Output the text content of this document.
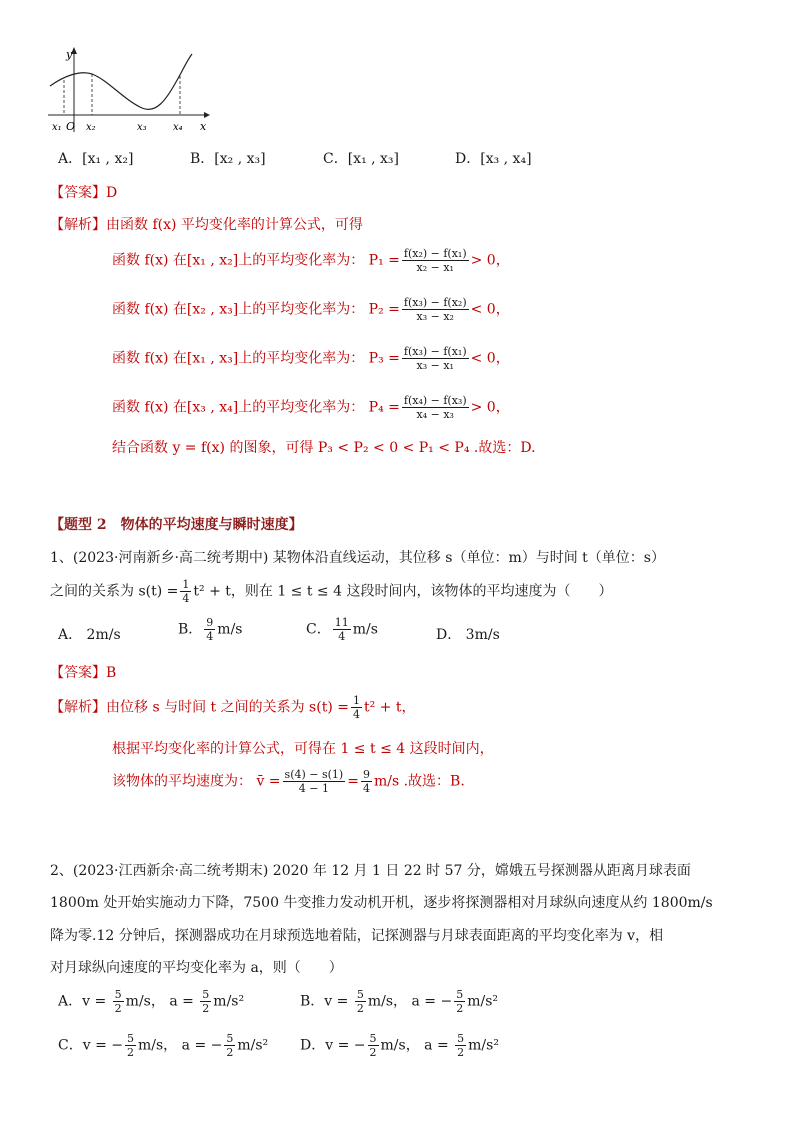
y
x
O
x₁ x₂	x₃	x₄
A．[x₁ , x₂]	B．[x₂ , x₃]	C．[x₁ , x₃]	D．[x₃ , x₄]
【答案】D
【解析】由函数 f(x) 平均变化率的计算公式，可得
函数 f(x) 在[x₁ , x₂]上的平均变化率为： $P_1 = \frac{\text{f(x₂) − f(x₁)}}{\text{x₂ − x₁}} > 0$，
函数 f(x) 在[x₂ , x₃]上的平均变化率为： $P_2 = \frac{\text{f(x₃) − f(x₂)}}{\text{x₃ − x₂}} < 0$，
函数 f(x) 在[x₁ , x₃]上的平均变化率为： $P_3 = \frac{\text{f(x₃) − f(x₁)}}{\text{x₃ − x₁}} < 0$，
函数 f(x) 在[x₃ , x₄]上的平均变化率为： $P_4 = \frac{\text{f(x₄) − f(x₃)}}{\text{x₄ − x₃}} > 0$，
结合函数 y = f(x) 的图象，可得 P₃ < P₂ < 0 < P₁ < P₄ .故选：D.
【题型 2　物体的平均速度与瞬时速度】
1、(2023·河南新乡·高二统考期中) 某物体沿直线运动，其位移 s（单位：m）与时间 t（单位：s）
之间的关系为 $s(t) = \frac{1}{4} t^2 + t$，则在 1 ≤ t ≤ 4 这段时间内，该物体的平均速度为（　　）
A． 2m/s	B． $\frac{9}{4} m/s$	C． $\frac{11}{4} m/s$	D． 3m/s
【答案】B
【解析】由位移 s 与时间 t 之间的关系为 $s(t) = \frac{1}{4} t^2 + t$，
根据平均变化率的计算公式，可得在 1 ≤ t ≤ 4 这段时间内，
该物体的平均速度为： v̄ = $\frac{s(4) - s(1)}{4 - 1} = \frac{9}{4} m/s$ .故选：B.
2、(2023·江西新余·高二统考期末) 2020 年 12 月 1 日 22 时 57 分，嫦娥五号探测器从距离月球表面
1800m 处开始实施动力下降，7500 牛变推力发动机开机，逐步将探测器相对月球纵向速度从约 1800m/s
降为零.12 分钟后，探测器成功在月球预选地着陆，记探测器与月球表面距离的平均变化率为 v，相
对月球纵向速度的平均变化率为 a，则（　　）
A．$v = \frac{5}{2} m/s$， $a = \frac{5}{2} m/s^2$	B．$v = \frac{5}{2} m/s$， a = − $\frac{5}{2} m/s^2$
C．v = − $\frac{5}{2} m/s$， a = − $\frac{5}{2} m/s^2$ D．v = − $\frac{5}{2} m/s$， $a = \frac{5}{2} m/s^2$
